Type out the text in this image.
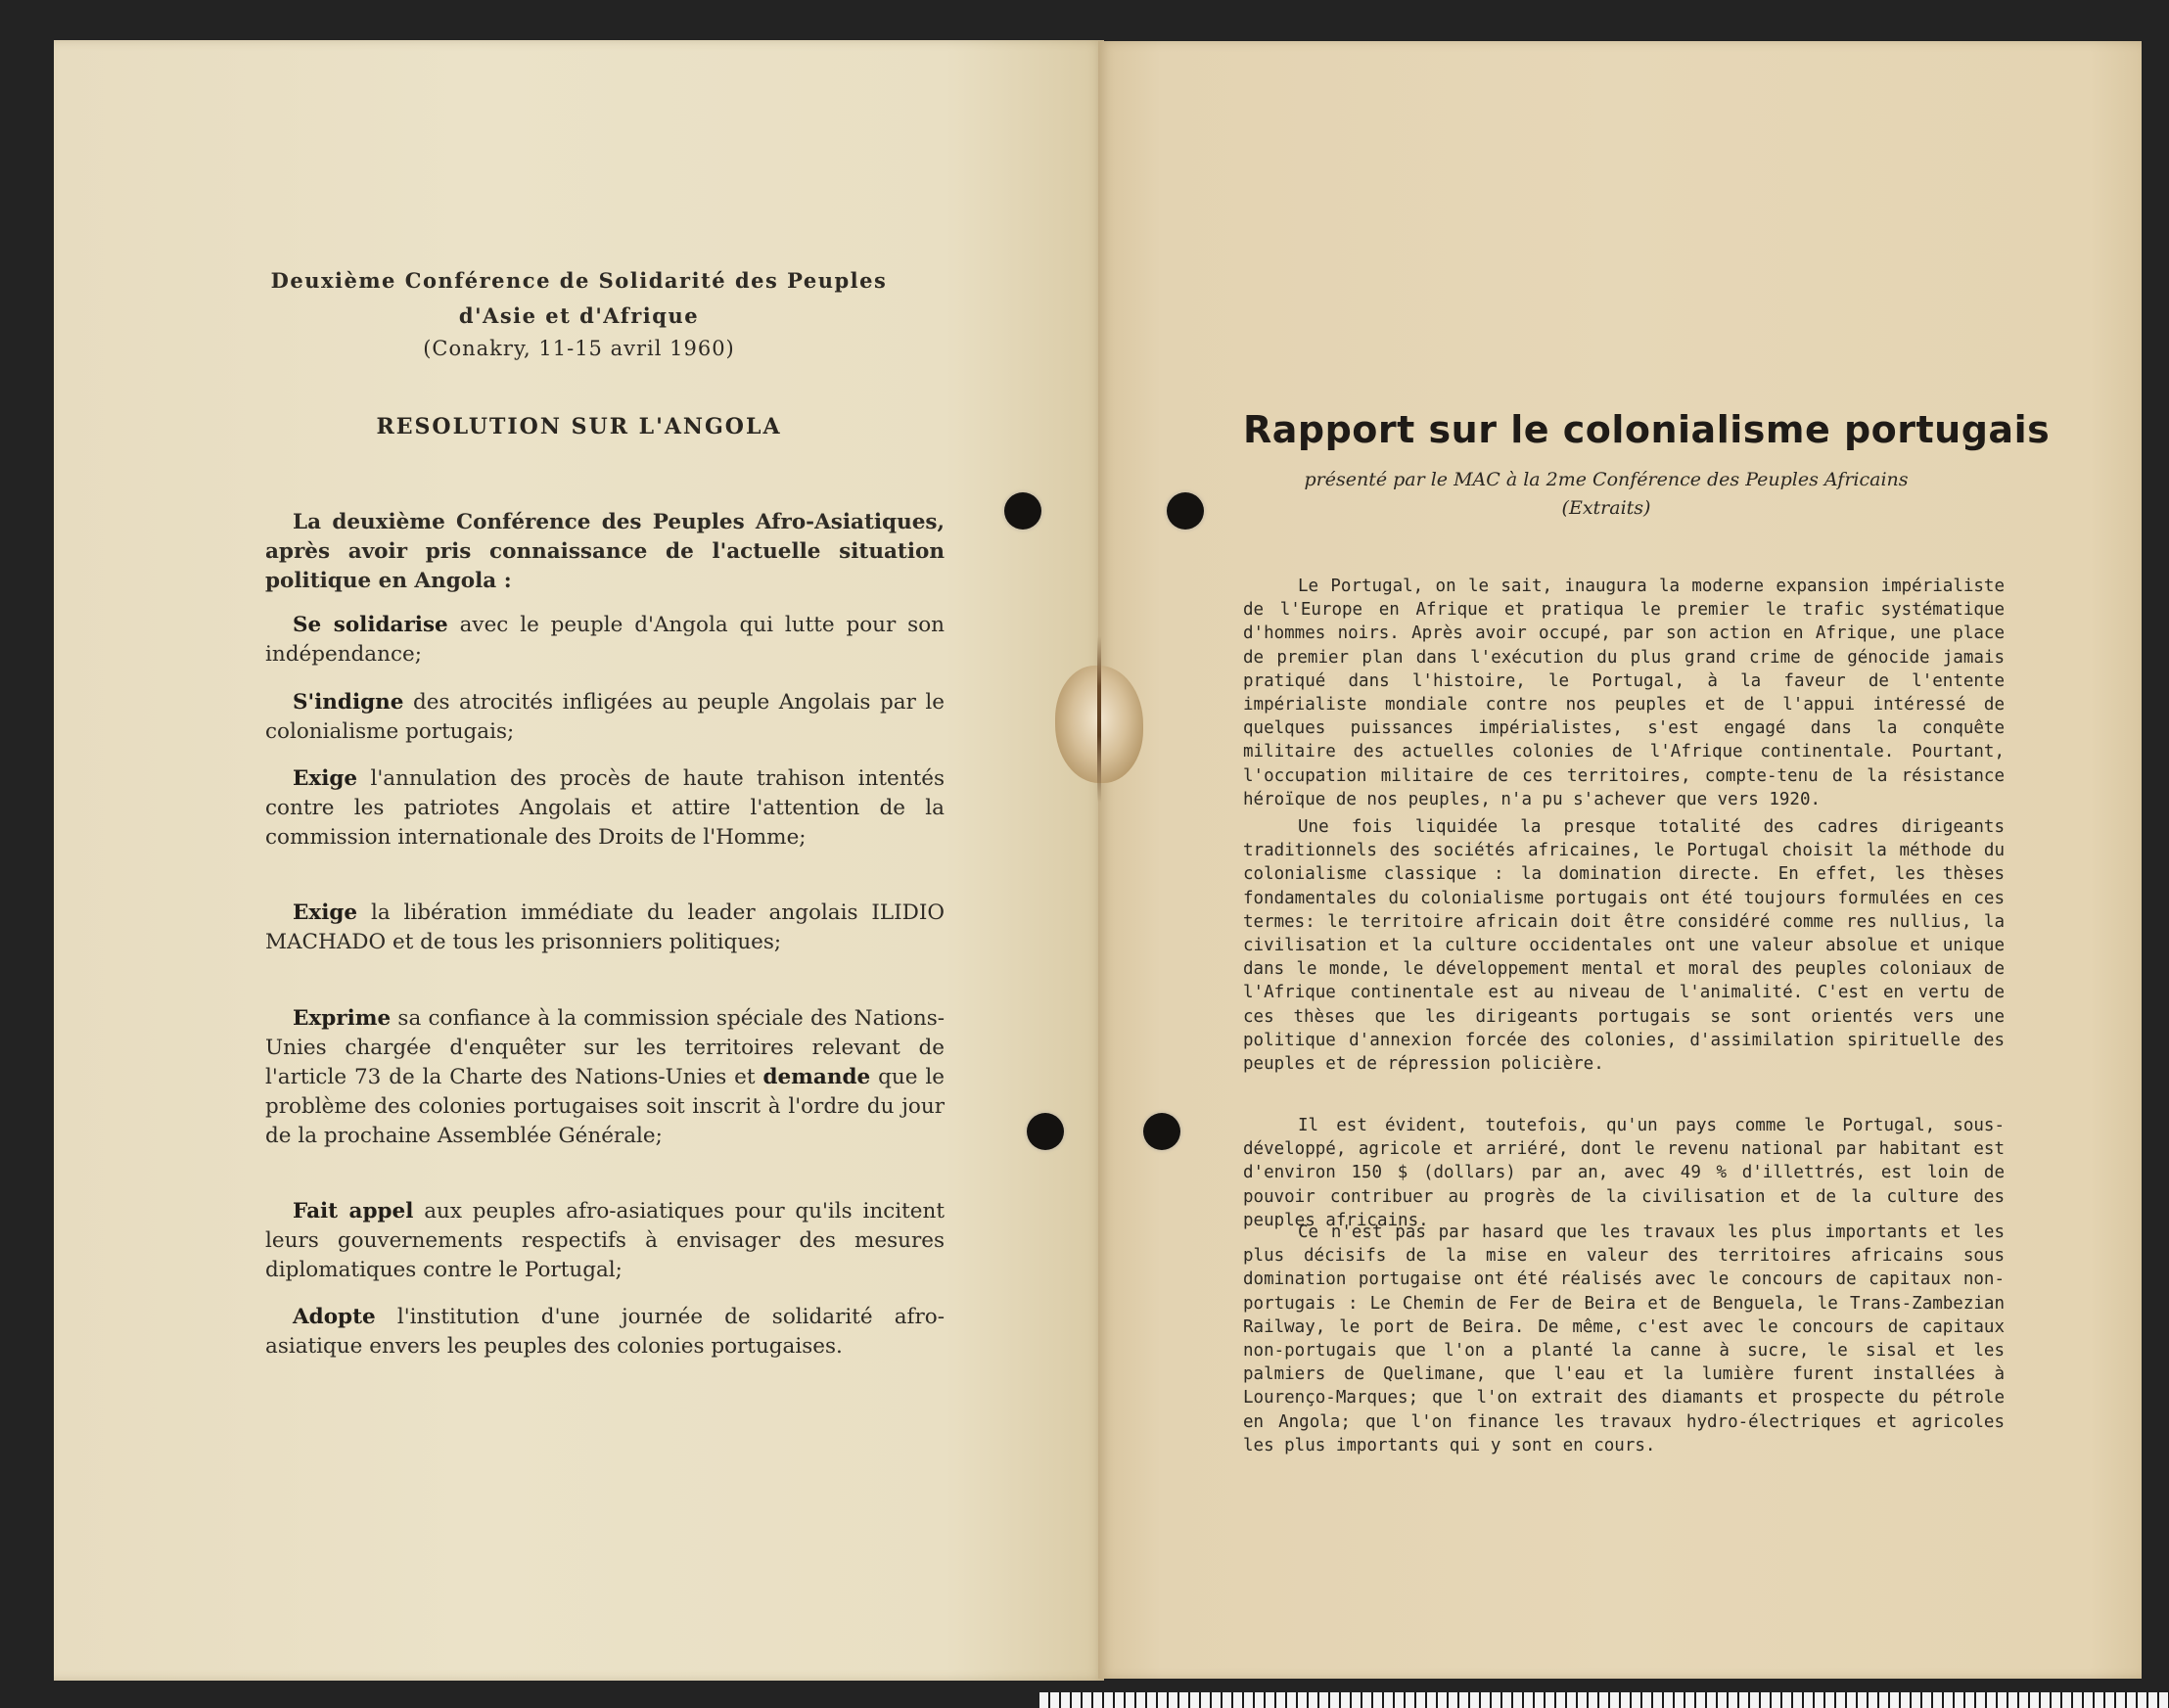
Deuxième Conférence de Solidarité des Peuples
d'Asie et d'Afrique
(Conakry, 11-15 avril 1960)
RESOLUTION SUR L'ANGOLA

La deuxième Conférence des Peuples Afro-Asiatiques, après avoir pris connaissance de l'actuelle situation politique en Angola :

Se solidarise avec le peuple d'Angola qui lutte pour son indépendance;

S'indigne des atrocités infligées au peuple Angolais par le colonialisme portugais;

Exige l'annulation des procès de haute trahison intentés contre les patriotes Angolais et attire l'attention de la commission internationale des Droits de l'Homme;

Exige la libération immédiate du leader angolais ILIDIO MACHADO et de tous les prisonniers politiques;

Exprime sa confiance à la commission spéciale des Nations-Unies chargée d'enquêter sur les territoires relevant de l'article 73 de la Charte des Nations-Unies et demande que le problème des colonies portugaises soit inscrit à l'ordre du jour de la prochaine Assemblée Générale;

Fait appel aux peuples afro-asiatiques pour qu'ils incitent leurs gouvernements respectifs à envisager des mesures diplomatiques contre le Portugal;

Adopte l'institution d'une journée de solidarité afro-asiatique envers les peuples des colonies portugaises.

Rapport sur le colonialisme portugais
présenté par le MAC à la 2me Conférence des Peuples Africains
(Extraits)

Le Portugal, on le sait, inaugura la moderne expansion impérialiste de l'Europe en Afrique et pratiqua le premier le trafic systématique d'hommes noirs. Après avoir occupé, par son action en Afrique, une place de premier plan dans l'exécution du plus grand crime de génocide jamais pratiqué dans l'histoire, le Portugal, à la faveur de l'entente impérialiste mondiale contre nos peuples et de l'appui intéressé de quelques puissances impérialistes, s'est engagé dans la conquête militaire des actuelles colonies de l'Afrique continentale. Pourtant, l'occupation militaire de ces territoires, compte-tenu de la résistance héroïque de nos peuples, n'a pu s'achever que vers 1920.

Une fois liquidée la presque totalité des cadres dirigeants traditionnels des sociétés africaines, le Portugal choisit la méthode du colonialisme classique : la domination directe. En effet, les thèses fondamentales du colonialisme portugais ont été toujours formulées en ces termes: le territoire africain doit être considéré comme res nullius, la civilisation et la culture occidentales ont une valeur absolue et unique dans le monde, le développement mental et moral des peuples coloniaux de l'Afrique continentale est au niveau de l'animalité. C'est en vertu de ces thèses que les dirigeants portugais se sont orientés vers une politique d'annexion forcée des colonies, d'assimilation spirituelle des peuples et de répression policière.

Il est évident, toutefois, qu'un pays comme le Portugal, sous-développé, agricole et arriéré, dont le revenu national par habitant est d'environ 150 $ (dollars) par an, avec 49 % d'illettrés, est loin de pouvoir contribuer au progrès de la civilisation et de la culture des peuples africains.

Ce n'est pas par hasard que les travaux les plus importants et les plus décisifs de la mise en valeur des territoires africains sous domination portugaise ont été réalisés avec le concours de capitaux non-portugais : Le Chemin de Fer de Beira et de Benguela, le Trans-Zambezian Railway, le port de Beira. De même, c'est avec le concours de capitaux non-portugais que l'on a planté la canne à sucre, le sisal et les palmiers de Quelimane, que l'eau et la lumière furent installées à Lourenço-Marques; que l'on extrait des diamants et prospecte du pétrole en Angola; que l'on finance les travaux hydro-électriques et agricoles les plus importants qui y sont en cours.
